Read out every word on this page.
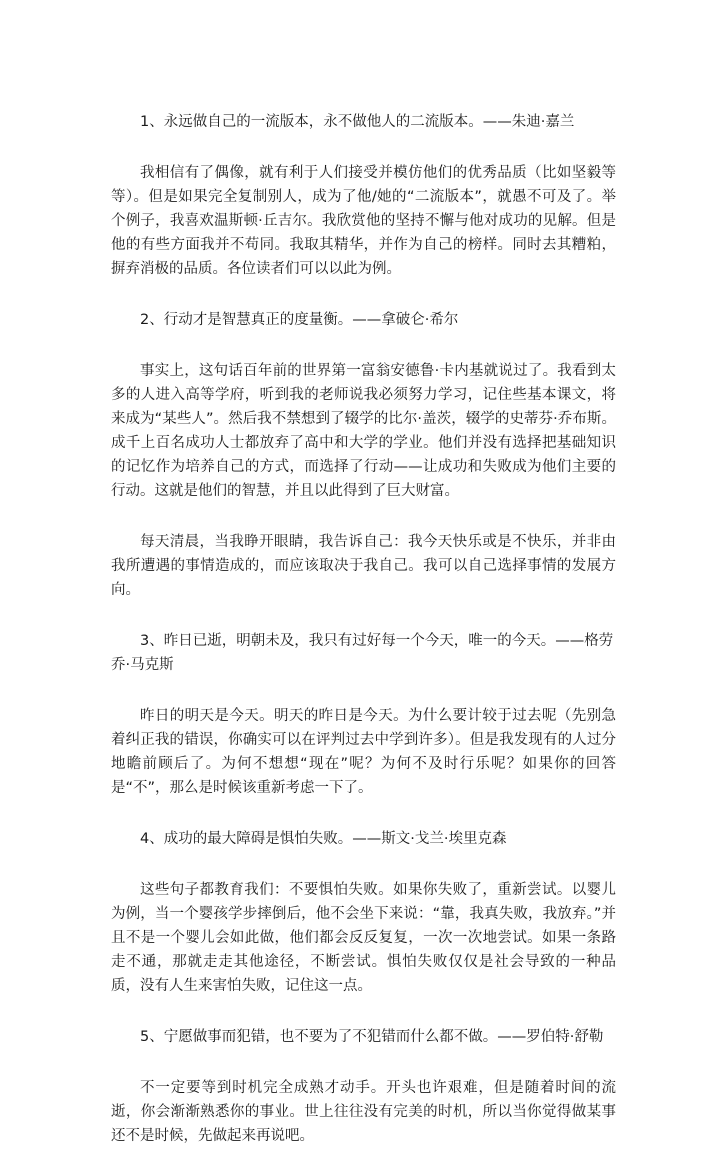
1、永远做自己的一流版本，永不做他人的二流版本。——朱迪·嘉兰

我相信有了偶像，就有利于人们接受并模仿他们的优秀品质（比如坚毅等等）。但是如果完全复制别人，成为了他/她的“二流版本”，就愚不可及了。举个例子，我喜欢温斯顿·丘吉尔。我欣赏他的坚持不懈与他对成功的见解。但是他的有些方面我并不苟同。我取其精华，并作为自己的榜样。同时去其糟粕，摒弃消极的品质。各位读者们可以以此为例。

2、行动才是智慧真正的度量衡。——拿破仑·希尔

事实上，这句话百年前的世界第一富翁安德鲁·卡内基就说过了。我看到太多的人进入高等学府，听到我的老师说我必须努力学习，记住些基本课文，将来成为“某些人”。然后我不禁想到了辍学的比尔·盖茨，辍学的史蒂芬·乔布斯。成千上百名成功人士都放弃了高中和大学的学业。他们并没有选择把基础知识的记忆作为培养自己的方式，而选择了行动——让成功和失败成为他们主要的行动。这就是他们的智慧，并且以此得到了巨大财富。

每天清晨，当我睁开眼睛，我告诉自己：我今天快乐或是不快乐，并非由我所遭遇的事情造成的，而应该取决于我自己。我可以自己选择事情的发展方向。

3、昨日已逝，明朝未及，我只有过好每一个今天，唯一的今天。——格劳乔·马克斯

昨日的明天是今天。明天的昨日是今天。为什么要计较于过去呢（先别急着纠正我的错误，你确实可以在评判过去中学到许多）。但是我发现有的人过分地瞻前顾后了。为何不想想“现在”呢？为何不及时行乐呢？如果你的回答是“不”，那么是时候该重新考虑一下了。

4、成功的最大障碍是惧怕失败。——斯文·戈兰·埃里克森

这些句子都教育我们：不要惧怕失败。如果你失败了，重新尝试。以婴儿为例，当一个婴孩学步摔倒后，他不会坐下来说：“靠，我真失败，我放弃。”并且不是一个婴儿会如此做，他们都会反反复复，一次一次地尝试。如果一条路走不通，那就走走其他途径，不断尝试。惧怕失败仅仅是社会导致的一种品质，没有人生来害怕失败，记住这一点。

5、宁愿做事而犯错，也不要为了不犯错而什么都不做。——罗伯特·舒勒

不一定要等到时机完全成熟才动手。开头也许艰难，但是随着时间的流逝，你会渐渐熟悉你的事业。世上往往没有完美的时机，所以当你觉得做某事还不是时候，先做起来再说吧。
